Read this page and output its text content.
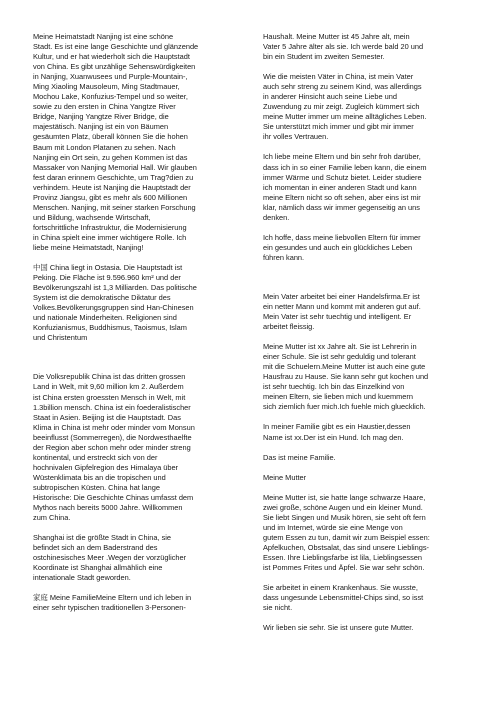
Meine Heimatstadt Nanjing ist eine schöne
Stadt. Es ist eine lange Geschichte und glänzende
Kultur, und er hat wiederholt sich die Hauptstadt
von China. Es gibt unzählige Sehenswürdigkeiten
in Nanjing, Xuanwusees und Purple-Mountain-,
Ming Xiaoling Mausoleum, Ming Stadtmauer,
Mochou Lake, Konfuzius-Tempel und so weiter,
sowie zu den ersten in China Yangtze River
Bridge, Nanjing Yangtze River Bridge, die
majestätisch. Nanjing ist ein von Bäumen
gesäumten Platz, überall können Sie die hohen
Baum mit London Platanen zu sehen. Nach
Nanjing ein Ort sein, zu gehen Kommen ist das
Massaker von Nanjing Memorial Hall. Wir glauben
fest daran erinnern Geschichte, um Trag?dien zu
verhindern. Heute ist Nanjing die Hauptstadt der
Provinz Jiangsu, gibt es mehr als 600 Millionen
Menschen. Nanjing, mit seiner starken Forschung
und Bildung, wachsende Wirtschaft,
fortschrittliche Infrastruktur, die Modernisierung
in China spielt eine immer wichtigere Rolle. Ich
liebe meine Heimatstadt, Nanjing!

中国 China liegt in Ostasia. Die Hauptstadt ist
Peking. Die Fläche ist 9.596.960 km² und der
Bevölkerungszahl ist 1,3 Milliarden. Das politische
System ist die demokratische Diktatur des
Volkes.Bevölkerungsgruppen sind Han-Chinesen
und nationale Minderheiten. Religionen sind
Konfuzianismus, Buddhismus, Taoismus, Islam
und Christentum

Die Volksrepublik China ist das dritten grossen
Land in Welt, mit 9,60 million km 2. Außerdem
ist China ersten groessten Mensch in Welt, mit
1.3billion mensch. China ist ein foederalistischer
Staat in Asien. Beijing ist die Hauptstadt. Das
Klima in China ist mehr oder minder vom Monsun
beeinflusst (Sommerregen), die Nordwesthaelfte
der Region aber schon mehr oder minder streng
kontinental, und erstreckt sich von der
hochnivalen Gipfelregion des Himalaya über
Wüstenklimata bis an die tropischen und
subtropischen Küsten. China hat lange
Historische: Die Geschichte Chinas umfasst dem
Mythos nach bereits 5000 Jahre. Willkommen
zum China.

Shanghai ist die größte Stadt in China, sie
befindet sich an dem Baderstrand des
ostchinesisches Meer .Wegen der vorzüglicher
Koordinate ist Shanghai allmählich eine
intenationale Stadt geworden.

家庭 Meine FamilieMeine Eltern und ich leben in
einer sehr typischen traditionellen 3-Personen-

Haushalt. Meine Mutter ist 45 Jahre alt, mein
Vater 5 Jahre älter als sie. Ich werde bald 20 und
bin ein Student im zweiten Semester.

Wie die meisten Väter in China, ist mein Vater
auch sehr streng zu seinem Kind, was allerdings
in anderer Hinsicht auch seine Liebe und
Zuwendung zu mir zeigt. Zugleich kümmert sich
meine Mutter immer um meine alltägliches Leben.
Sie unterstützt mich immer und gibt mir immer
ihr volles Vertrauen.

Ich liebe meine Eltern und bin sehr froh darüber,
dass ich in so einer Familie leben kann, die einem
immer Wärme und Schutz bietet. Leider studiere
ich momentan in einer anderen Stadt und kann
meine Eltern nicht so oft sehen, aber eins ist mir
klar, nämlich dass wir immer gegenseitig an uns
denken.

Ich hoffe, dass meine liebvollen Eltern für immer
ein gesundes und auch ein glückliches Leben
führen kann.

Mein Vater arbeitet bei einer Handelsfirma.Er ist
ein netter Mann und kommt mit anderen gut auf.
Mein Vater ist sehr tuechtig und intelligent. Er
arbeitet fleissig.

Meine Mutter ist xx Jahre alt. Sie ist Lehrerin in
einer Schule. Sie ist sehr geduldig und tolerant
mit die Schuelern.Meine Mutter ist auch eine gute
Hausfrau zu Hause. Sie kann sehr gut kochen und
ist sehr tuechtig. Ich bin das Einzelkind von
meinen Eltern, sie lieben mich und kuemmern
sich ziemlich fuer mich.Ich fuehle mich gluecklich.

In meiner Familie gibt es ein Haustier,dessen
Name ist xx.Der ist ein Hund. Ich mag den.

Das ist meine Familie.

Meine Mutter

Meine Mutter ist, sie hatte lange schwarze Haare,
zwei große, schöne Augen und ein kleiner Mund.
Sie liebt Singen und Musik hören, sie seht oft fern
und im Internet, würde sie eine Menge von
gutem Essen zu tun, damit wir zum Beispiel essen:
Apfelkuchen, Obstsalat, das sind unsere Lieblings-
Essen. Ihre Lieblingsfarbe ist lila, Lieblingsessen
ist Pommes Frites und Äpfel. Sie war sehr schön.

Sie arbeitet in einem Krankenhaus. Sie wusste,
dass ungesunde Lebensmittel-Chips sind, so isst
sie nicht.

Wir lieben sie sehr. Sie ist unsere gute Mutter.
